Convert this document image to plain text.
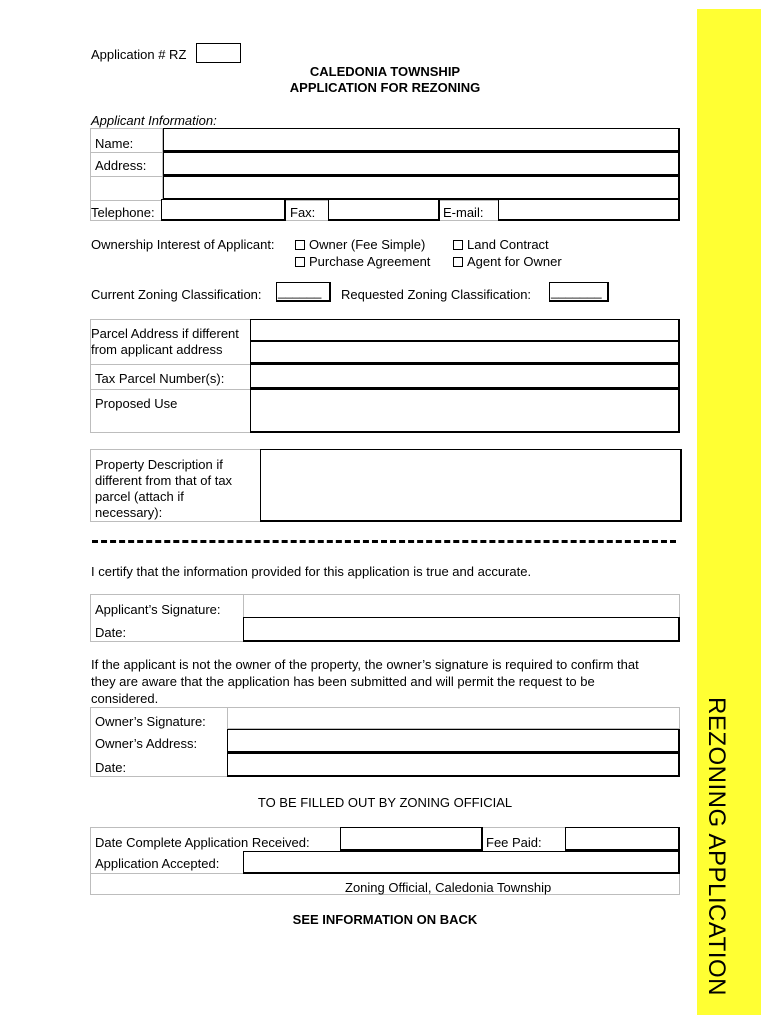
REZONING APPLICATION
Application # RZ
CALEDONIA TOWNSHIP
APPLICATION FOR REZONING
Applicant Information:
Name:
Address:
Telephone:	Fax:	E-mail:
Ownership Interest of Applicant:	Owner (Fee Simple)	Land Contract
Purchase Agreement	Agent for Owner
Current Zoning Classification: ______ Requested Zoning Classification: _______
Parcel Address if different
from applicant address
Tax Parcel Number(s):
Proposed Use
Property Description if
different from that of tax
parcel (attach if
necessary):
I certify that the information provided for this application is true and accurate.
Applicant’s Signature:
Date:
If the applicant is not the owner of the property, the owner’s signature is required to confirm that
they are aware that the application has been submitted and will permit the request to be
considered.
Owner’s Signature:
Owner’s Address:
Date:
TO BE FILLED OUT BY ZONING OFFICIAL
Date Complete Application Received:	Fee Paid:
Application Accepted:
Zoning Official, Caledonia Township
SEE INFORMATION ON BACK
